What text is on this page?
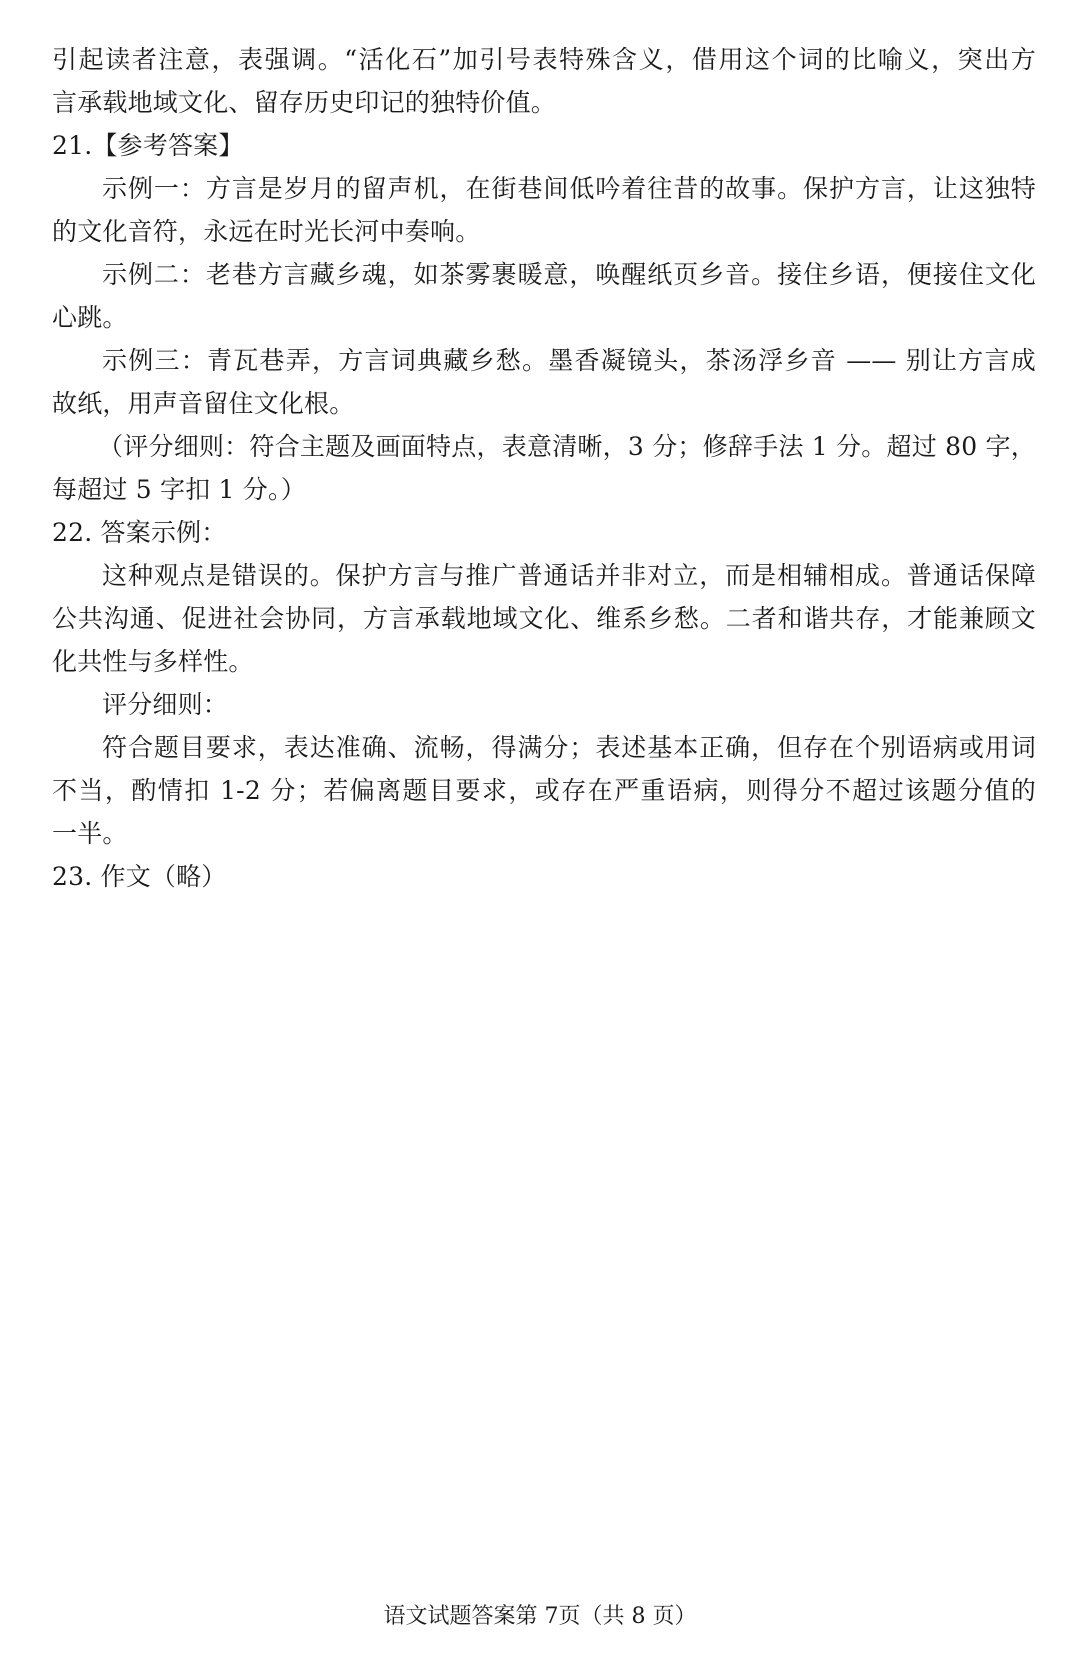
引起读者注意，表强调。“活化石”加引号表特殊含义，借用这个词的比喻义，突出方
言承载地域文化、留存历史印记的独特价值。
21.【参考答案】
示例一：方言是岁月的留声机，在街巷间低吟着往昔的故事。保护方言，让这独特
的文化音符，永远在时光长河中奏响。
示例二：老巷方言藏乡魂，如茶雾裹暖意，唤醒纸页乡音。接住乡语，便接住文化
心跳。
示例三：青瓦巷弄，方言词典藏乡愁。墨香凝镜头，茶汤浮乡音 —— 别让方言成
故纸，用声音留住文化根。
（评分细则：符合主题及画面特点，表意清晰，3 分；修辞手法 1 分。超过 80 字，
每超过 5 字扣 1 分。）
22. 答案示例：
这种观点是错误的。保护方言与推广普通话并非对立，而是相辅相成。普通话保障
公共沟通、促进社会协同，方言承载地域文化、维系乡愁。二者和谐共存，才能兼顾文
化共性与多样性。
评分细则：
符合题目要求，表达准确、流畅，得满分；表述基本正确，但存在个别语病或用词
不当，酌情扣 1-2 分；若偏离题目要求，或存在严重语病，则得分不超过该题分值的
一半。
23. 作文（略）
语文试题答案第 7页（共 8 页）
